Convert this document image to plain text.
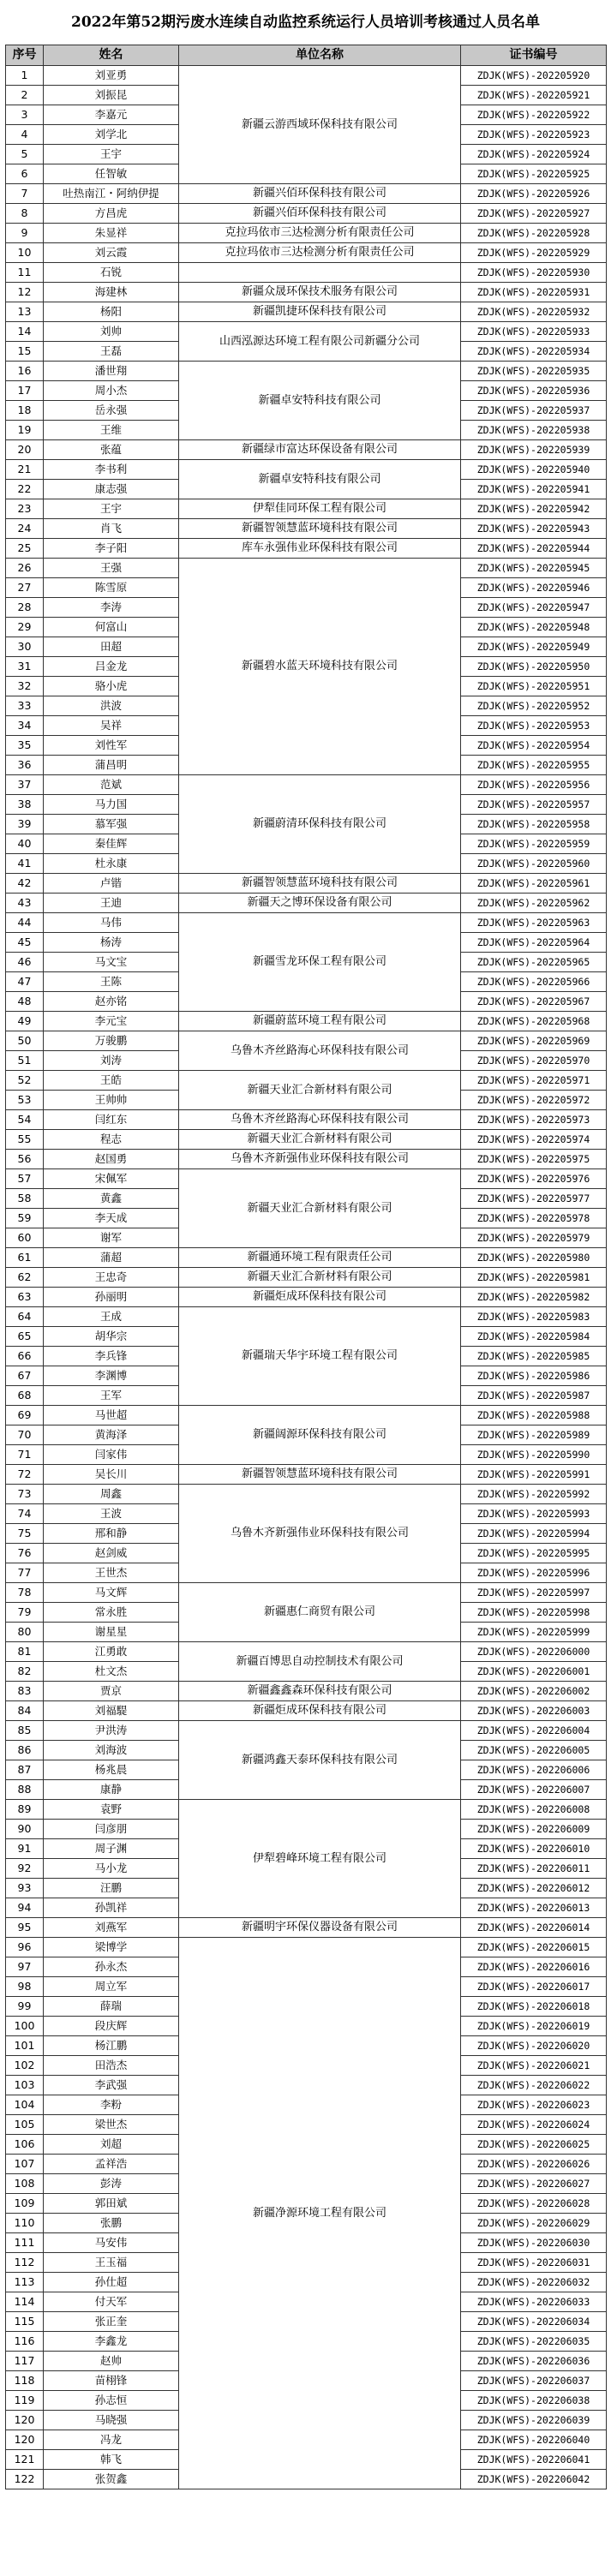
2022年第52期污废水连续自动监控系统运行人员培训考核通过人员名单
序号	姓名	单位名称	证书编号
1	刘亚勇	新疆云游西域环保科技有限公司	ZDJK(WFS)-202205920
2	刘振昆		ZDJK(WFS)-202205921
3	李嘉元		ZDJK(WFS)-202205922
4	刘学北		ZDJK(WFS)-202205923
5	王宇		ZDJK(WFS)-202205924
6	任智敏		ZDJK(WFS)-202205925
7	吐热南江・阿纳伊提	新疆兴佰环保科技有限公司	ZDJK(WFS)-202205926
8	方昌虎	新疆兴佰环保科技有限公司	ZDJK(WFS)-202205927
9	朱显祥	克拉玛依市三达检测分析有限责任公司	ZDJK(WFS)-202205928
10	刘云霞	克拉玛依市三达检测分析有限责任公司	ZDJK(WFS)-202205929
11	石锐		ZDJK(WFS)-202205930
12	海建林	新疆众晟环保技术服务有限公司	ZDJK(WFS)-202205931
13	杨阳	新疆凯捷环保科技有限公司	ZDJK(WFS)-202205932
14	刘帅	山西泓源达环境工程有限公司新疆分公司	ZDJK(WFS)-202205933
15	王磊		ZDJK(WFS)-202205934
16	潘世翔	新疆卓安特科技有限公司	ZDJK(WFS)-202205935
17	周小杰		ZDJK(WFS)-202205936
18	岳永强		ZDJK(WFS)-202205937
19	王维		ZDJK(WFS)-202205938
20	张蕴	新疆绿市富达环保设备有限公司	ZDJK(WFS)-202205939
21	李书利	新疆卓安特科技有限公司	ZDJK(WFS)-202205940
22	康志强		ZDJK(WFS)-202205941
23	王宇	伊犁佳同环保工程有限公司	ZDJK(WFS)-202205942
24	肖飞	新疆智领慧蓝环境科技有限公司	ZDJK(WFS)-202205943
25	李子阳	库车永强伟业环保科技有限公司	ZDJK(WFS)-202205944
26	王强	新疆碧水蓝天环境科技有限公司	ZDJK(WFS)-202205945
27	陈雪原		ZDJK(WFS)-202205946
28	李涛		ZDJK(WFS)-202205947
29	何富山		ZDJK(WFS)-202205948
30	田超		ZDJK(WFS)-202205949
31	吕金龙		ZDJK(WFS)-202205950
32	骆小虎		ZDJK(WFS)-202205951
33	洪波		ZDJK(WFS)-202205952
34	吴祥		ZDJK(WFS)-202205953
35	刘性军		ZDJK(WFS)-202205954
36	蒲昌明		ZDJK(WFS)-202205955
37	范斌	新疆蔚清环保科技有限公司	ZDJK(WFS)-202205956
38	马力国		ZDJK(WFS)-202205957
39	慕军强		ZDJK(WFS)-202205958
40	秦佳辉		ZDJK(WFS)-202205959
41	杜永康		ZDJK(WFS)-202205960
42	卢锴	新疆智领慧蓝环境科技有限公司	ZDJK(WFS)-202205961
43	王迪	新疆天之博环保设备有限公司	ZDJK(WFS)-202205962
44	马伟	新疆雪龙环保工程有限公司	ZDJK(WFS)-202205963
45	杨涛		ZDJK(WFS)-202205964
46	马文宝		ZDJK(WFS)-202205965
47	王陈		ZDJK(WFS)-202205966
48	赵亦铭		ZDJK(WFS)-202205967
49	李元宝	新疆蔚蓝环境工程有限公司	ZDJK(WFS)-202205968
50	万骏鹏	乌鲁木齐丝路海心环保科技有限公司	ZDJK(WFS)-202205969
51	刘涛		ZDJK(WFS)-202205970
52	王皓	新疆天业汇合新材料有限公司	ZDJK(WFS)-202205971
53	王帅帅		ZDJK(WFS)-202205972
54	闫红东	乌鲁木齐丝路海心环保科技有限公司	ZDJK(WFS)-202205973
55	程志	新疆天业汇合新材料有限公司	ZDJK(WFS)-202205974
56	赵国勇	乌鲁木齐新强伟业环保科技有限公司	ZDJK(WFS)-202205975
57	宋佩军	新疆天业汇合新材料有限公司	ZDJK(WFS)-202205976
58	黄鑫		ZDJK(WFS)-202205977
59	李天成		ZDJK(WFS)-202205978
60	谢军		ZDJK(WFS)-202205979
61	蒲超	新疆通环境工程有限责任公司	ZDJK(WFS)-202205980
62	王忠奇	新疆天业汇合新材料有限公司	ZDJK(WFS)-202205981
63	孙丽明	新疆炬成环保科技有限公司	ZDJK(WFS)-202205982
64	王成	新疆瑞天华宇环境工程有限公司	ZDJK(WFS)-202205983
65	胡华宗		ZDJK(WFS)-202205984
66	李兵锋		ZDJK(WFS)-202205985
67	李渊博		ZDJK(WFS)-202205986
68	王军		ZDJK(WFS)-202205987
69	马世超	新疆阔源环保科技有限公司	ZDJK(WFS)-202205988
70	黄海泽		ZDJK(WFS)-202205989
71	闫家伟		ZDJK(WFS)-202205990
72	吴长川	新疆智领慧蓝环境科技有限公司	ZDJK(WFS)-202205991
73	周鑫	乌鲁木齐新强伟业环保科技有限公司	ZDJK(WFS)-202205992
74	王波		ZDJK(WFS)-202205993
75	邢和静		ZDJK(WFS)-202205994
76	赵剑威		ZDJK(WFS)-202205995
77	王世杰		ZDJK(WFS)-202205996
78	马文辉	新疆惠仁商贸有限公司	ZDJK(WFS)-202205997
79	常永胜		ZDJK(WFS)-202205998
80	谢星星		ZDJK(WFS)-202205999
81	江勇敢	新疆百博思自动控制技术有限公司	ZDJK(WFS)-202206000
82	杜文杰		ZDJK(WFS)-202206001
83	贾京	新疆鑫鑫森环保科技有限公司	ZDJK(WFS)-202206002
84	刘福騠	新疆炬成环保科技有限公司	ZDJK(WFS)-202206003
85	尹洪涛	新疆鸿鑫天泰环保科技有限公司	ZDJK(WFS)-202206004
86	刘海波		ZDJK(WFS)-202206005
87	杨兆晨		ZDJK(WFS)-202206006
88	康静		ZDJK(WFS)-202206007
89	袁野	伊犁碧峰环境工程有限公司	ZDJK(WFS)-202206008
90	闫彦朋		ZDJK(WFS)-202206009
91	周子渊		ZDJK(WFS)-202206010
92	马小龙		ZDJK(WFS)-202206011
93	汪鹏		ZDJK(WFS)-202206012
94	孙凯祥		ZDJK(WFS)-202206013
95	刘燕军	新疆明宇环保仪器设备有限公司	ZDJK(WFS)-202206014
96	梁博学	新疆净源环境工程有限公司	ZDJK(WFS)-202206015
97	孙永杰		ZDJK(WFS)-202206016
98	周立军		ZDJK(WFS)-202206017
99	薛瑞		ZDJK(WFS)-202206018
100	段庆辉		ZDJK(WFS)-202206019
101	杨江鹏		ZDJK(WFS)-202206020
102	田浩杰		ZDJK(WFS)-202206021
103	李武强		ZDJK(WFS)-202206022
104	李粉		ZDJK(WFS)-202206023
105	梁世杰		ZDJK(WFS)-202206024
106	刘超		ZDJK(WFS)-202206025
107	孟祥浩		ZDJK(WFS)-202206026
108	彭涛		ZDJK(WFS)-202206027
109	郭田斌		ZDJK(WFS)-202206028
110	张鹏		ZDJK(WFS)-202206029
111	马安伟		ZDJK(WFS)-202206030
112	王玉福		ZDJK(WFS)-202206031
113	孙仕超		ZDJK(WFS)-202206032
114	付天军		ZDJK(WFS)-202206033
115	张正奎		ZDJK(WFS)-202206034
116	李鑫龙		ZDJK(WFS)-202206035
117	赵帅		ZDJK(WFS)-202206036
118	苗栩锋		ZDJK(WFS)-202206037
119	孙志恒		ZDJK(WFS)-202206038
120	马晓强		ZDJK(WFS)-202206039
120	冯龙		ZDJK(WFS)-202206040
121	韩飞		ZDJK(WFS)-202206041
122	张贺鑫		ZDJK(WFS)-202206042
